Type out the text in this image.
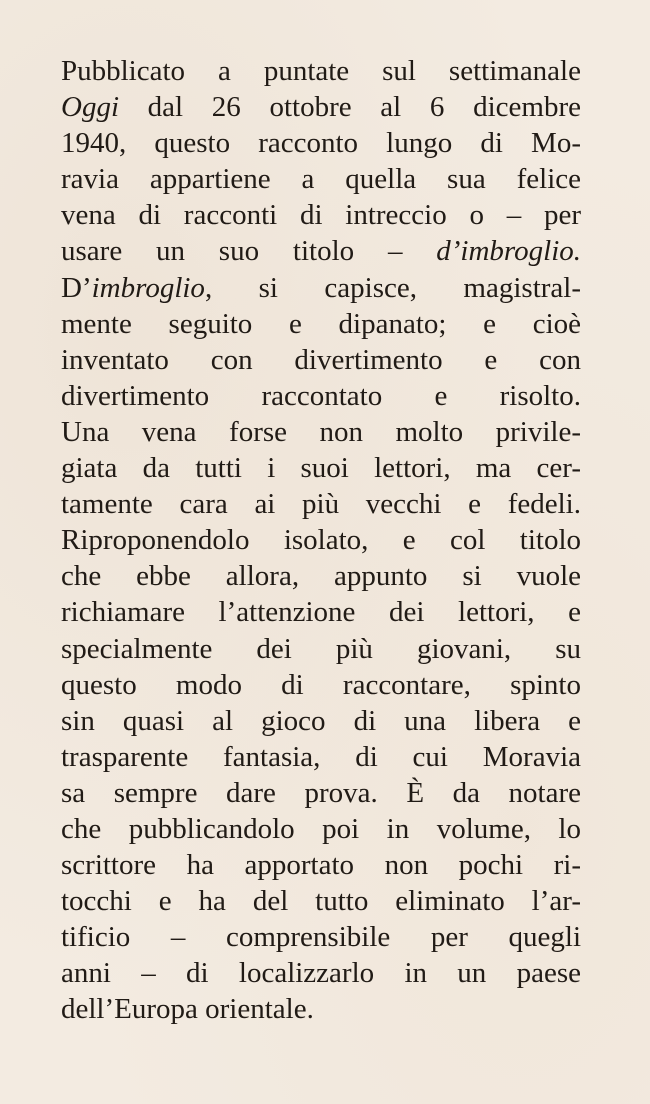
Pubblicato a puntate sul settimanale
Oggi dal 26 ottobre al 6 dicembre
1940, questo racconto lungo di Mo-
ravia appartiene a quella sua felice
vena di racconti di intreccio o – per
usare un suo titolo – d’imbroglio.
D’imbroglio, si capisce, magistral-
mente seguito e dipanato; e cioè
inventato con divertimento e con
divertimento raccontato e risolto.
Una vena forse non molto privile-
giata da tutti i suoi lettori, ma cer-
tamente cara ai più vecchi e fedeli.
Riproponendolo isolato, e col titolo
che ebbe allora, appunto si vuole
richiamare l’attenzione dei lettori, e
specialmente dei più giovani, su
questo modo di raccontare, spinto
sin quasi al gioco di una libera e
trasparente fantasia, di cui Moravia
sa sempre dare prova. È da notare
che pubblicandolo poi in volume, lo
scrittore ha apportato non pochi ri-
tocchi e ha del tutto eliminato l’ar-
tificio – comprensibile per quegli
anni – di localizzarlo in un paese
dell’Europa orientale.
